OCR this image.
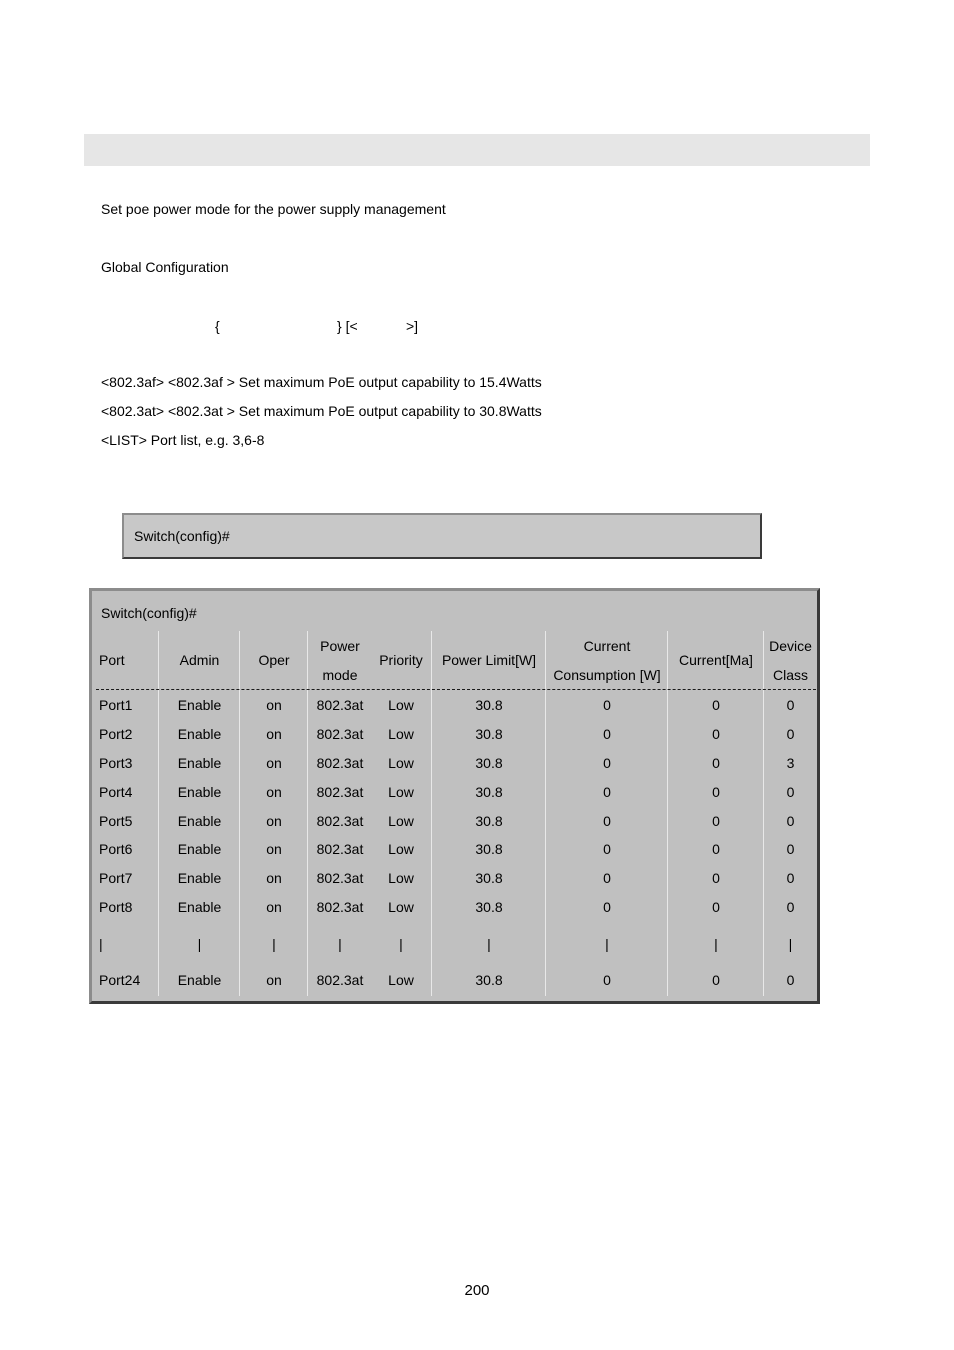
Set poe power mode for the power supply management
Global Configuration
{	} [<	>]
<802.3af> <802.3af > Set maximum PoE output capability to 15.4Watts
<802.3at> <802.3at > Set maximum PoE output capability to 30.8Watts
<LIST> Port list, e.g. 3,6-8
Switch(config)#
Switch(config)#
Port
Port1
Port2
Port3
Port4
Port5
Port6
Port7
Port8
|
Port24
Admin
Enable
Enable
Enable
Enable
Enable
Enable
Enable
Enable
|
Enable
Oper
on
on
on
on
on
on
on
on
|
on
Power
mode
802.3at
802.3at
802.3at
802.3at
802.3at
802.3at
802.3at
802.3at
|
802.3at
Priority
Low
Low
Low
Low
Low
Low
Low
Low
|
Low
Power Limit[W]
30.8
30.8
30.8
30.8
30.8
30.8
30.8
30.8
|
30.8
Current
Consumption [W]
0
0
0
0
0
0
0
0
|
0
Current[Ma]
0
0
0
0
0
0
0
0
|
0
Device
Class
0
0
3
0
0
0
0
0
|
0
200
